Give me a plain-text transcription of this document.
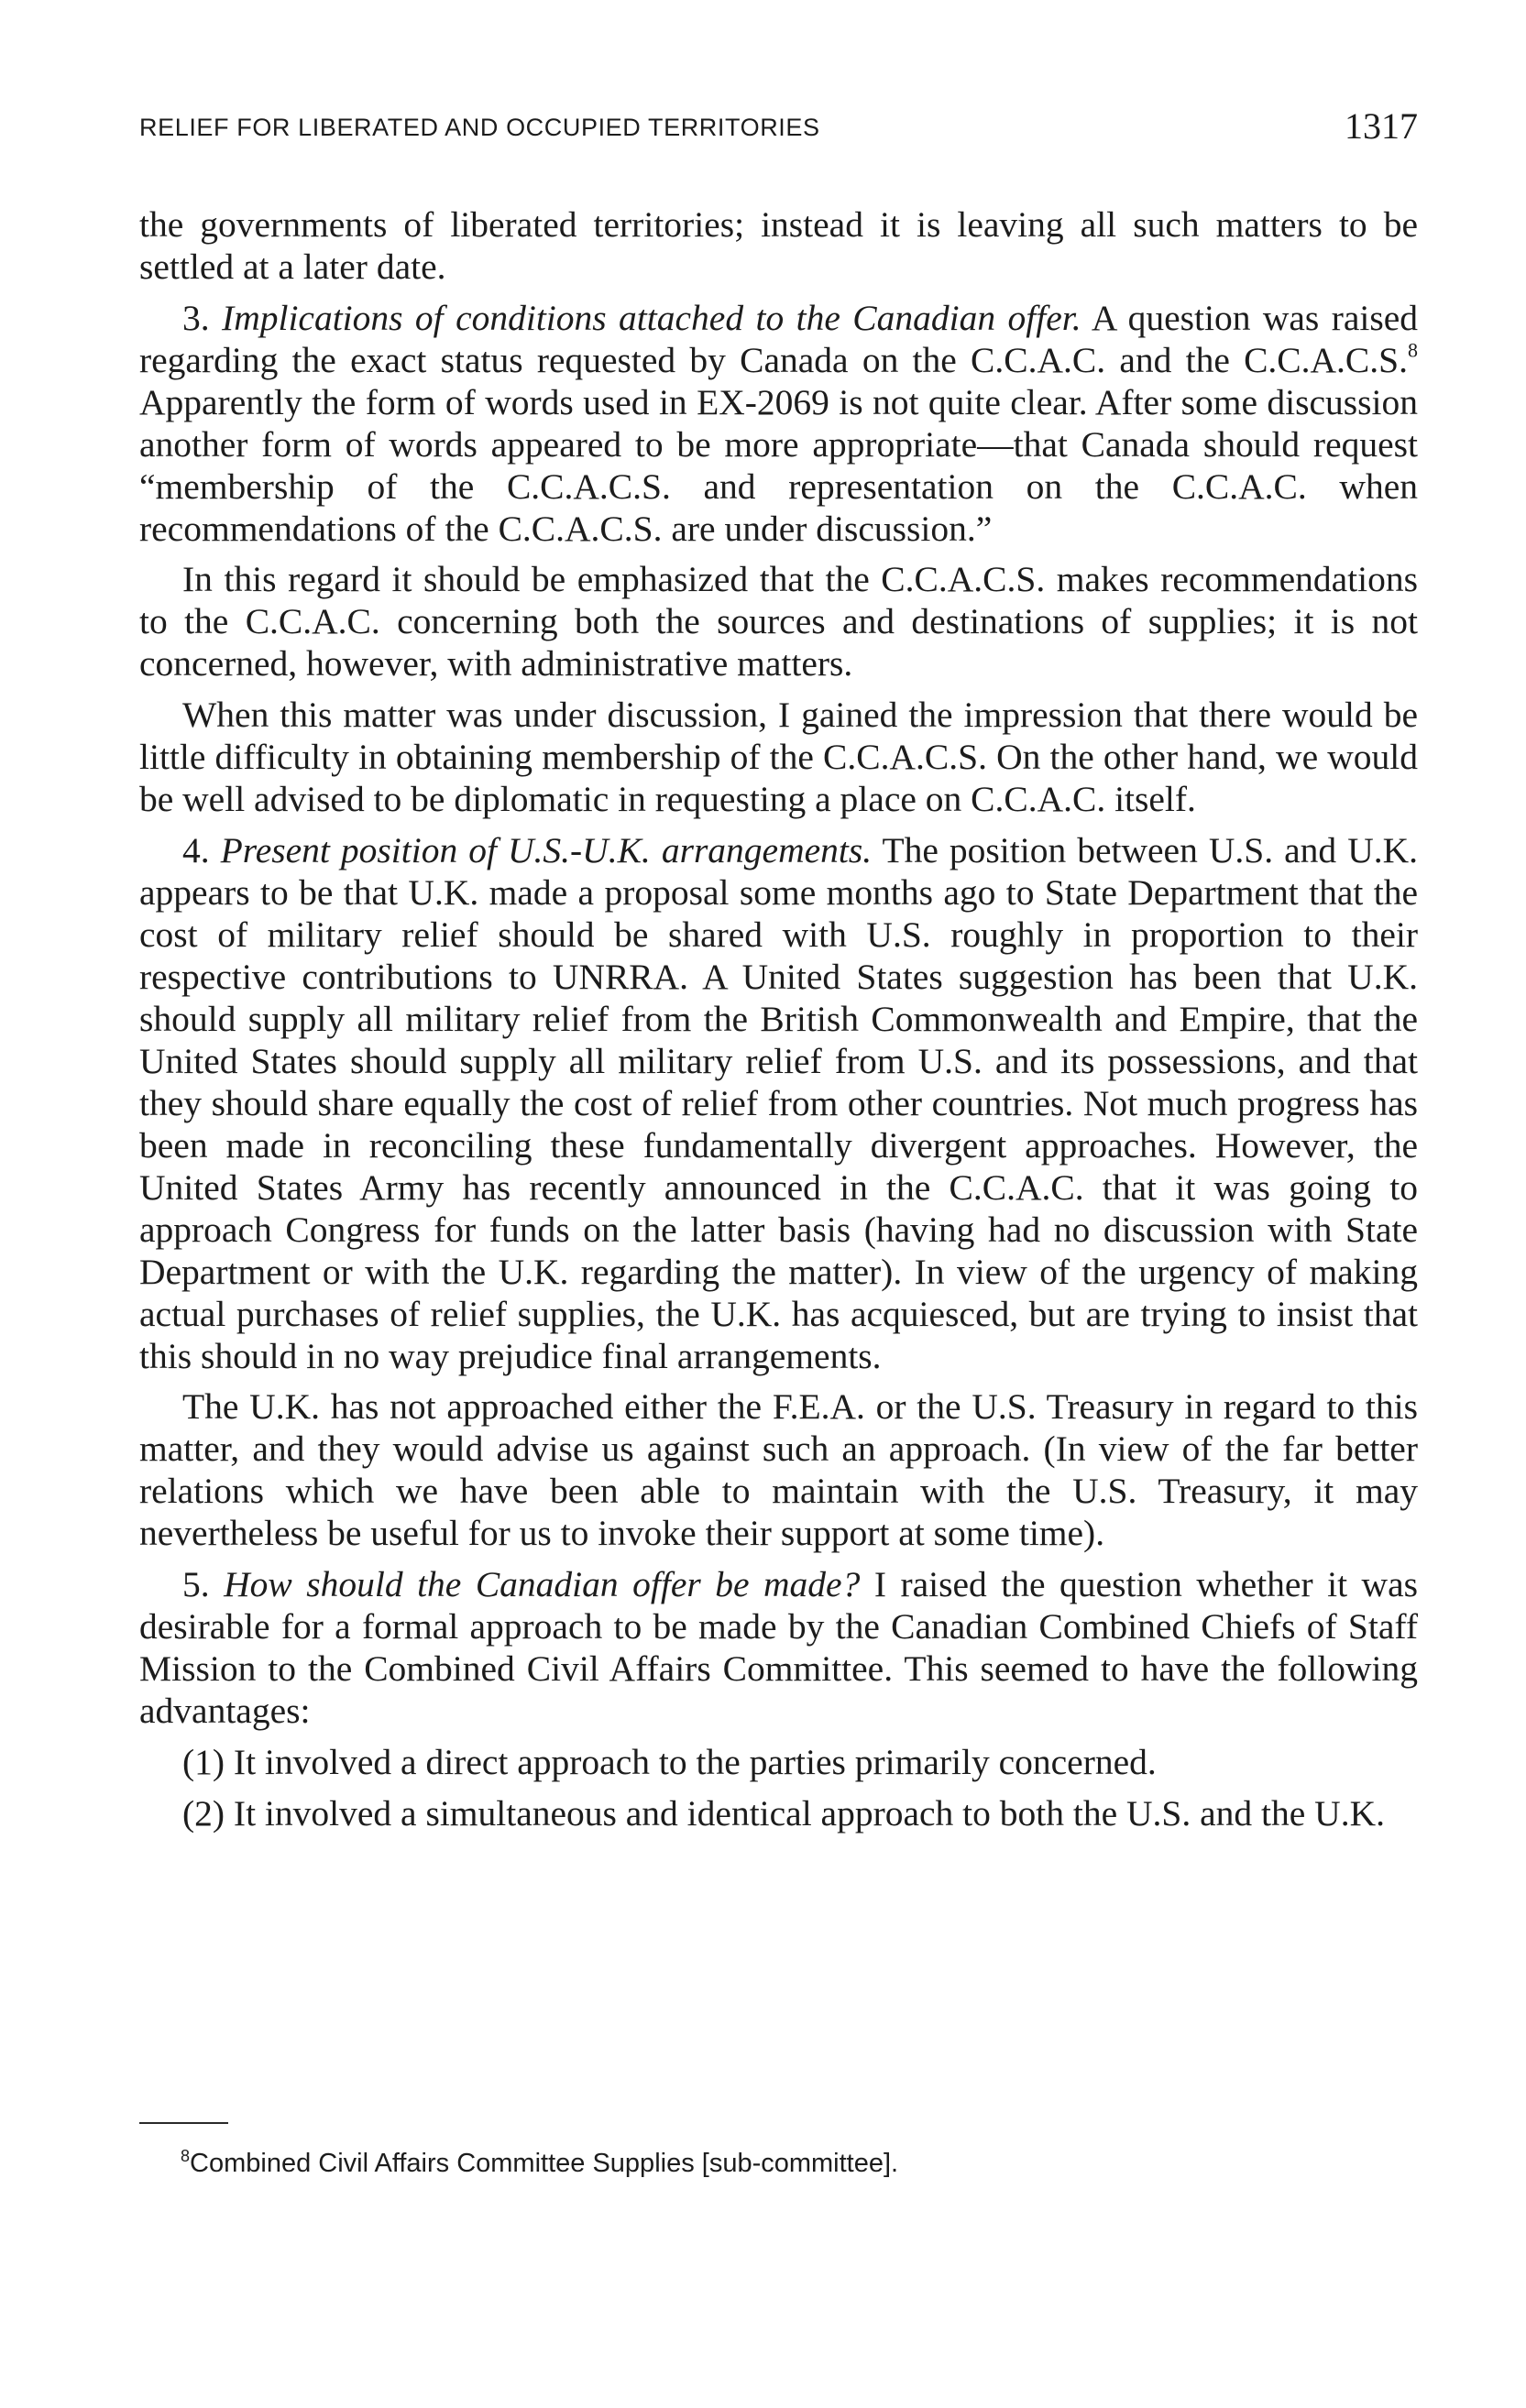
RELIEF FOR LIBERATED AND OCCUPIED TERRITORIES	1317

the governments of liberated territories; instead it is leaving all such matters to be settled at a later date.

3. Implications of conditions attached to the Canadian offer. A question was raised regarding the exact status requested by Canada on the C.C.A.C. and the C.C.A.C.S.$^8$ Apparently the form of words used in EX-2069 is not quite clear. After some discussion another form of words appeared to be more appropriate—that Canada should request “membership of the C.C.A.C.S. and representation on the C.C.A.C. when recommendations of the C.C.A.C.S. are under discussion.”

In this regard it should be emphasized that the C.C.A.C.S. makes recommendations to the C.C.A.C. concerning both the sources and destinations of supplies; it is not concerned, however, with administrative matters.

When this matter was under discussion, I gained the impression that there would be little difficulty in obtaining membership of the C.C.A.C.S. On the other hand, we would be well advised to be diplomatic in requesting a place on C.C.A.C. itself.

4. Present position of U.S.-U.K. arrangements. The position between U.S. and U.K. appears to be that U.K. made a proposal some months ago to State Department that the cost of military relief should be shared with U.S. roughly in proportion to their respective contributions to UNRRA. A United States suggestion has been that U.K. should supply all military relief from the British Commonwealth and Empire, that the United States should supply all military relief from U.S. and its possessions, and that they should share equally the cost of relief from other countries. Not much progress has been made in reconciling these fundamentally divergent approaches. However, the United States Army has recently announced in the C.C.A.C. that it was going to approach Congress for funds on the latter basis (having had no discussion with State Department or with the U.K. regarding the matter). In view of the urgency of making actual purchases of relief supplies, the U.K. has acquiesced, but are trying to insist that this should in no way prejudice final arrangements.

The U.K. has not approached either the F.E.A. or the U.S. Treasury in regard to this matter, and they would advise us against such an approach. (In view of the far better relations which we have been able to maintain with the U.S. Treasury, it may nevertheless be useful for us to invoke their support at some time).

5. How should the Canadian offer be made? I raised the question whether it was desirable for a formal approach to be made by the Canadian Combined Chiefs of Staff Mission to the Combined Civil Affairs Committee. This seemed to have the following advantages:

(1) It involved a direct approach to the parties primarily concerned.

(2) It involved a simultaneous and identical approach to both the U.S. and the U.K.

$^8$Combined Civil Affairs Committee Supplies [sub-committee].
